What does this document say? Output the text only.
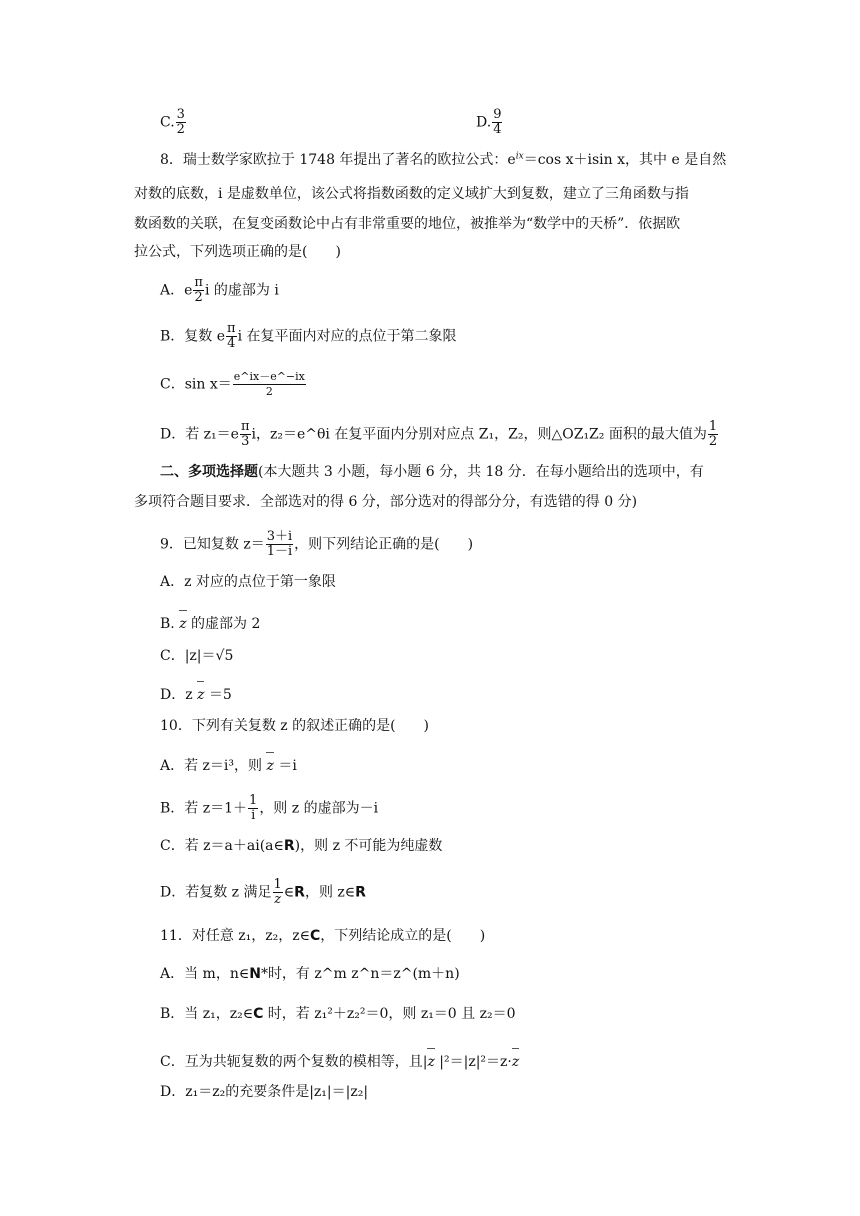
C. $\frac{3}{2}$	D. $\frac{9}{4}$
8．瑞士数学家欧拉于 1748 年提出了著名的欧拉公式：$e^{ix}=\cos$ x＋isin x，其中 e 是自然
对数的底数，i 是虚数单位，该公式将指数函数的定义域扩大到复数，建立了三角函数与指
数函数的关联，在复变函数论中占有非常重要的地位，被推举为“数学中的天桥”．依据欧
拉公式，下列选项正确的是(　　)
A．e $\frac{\pi}{2}$ i 的虚部为 i
B．复数 e $\frac{\pi}{4}$ i 在复平面内对应的点位于第二象限
C．$\sin x= \frac{e\^{}ix-e\^{}-ix}{2}$
D．若 $z_1=e \frac{\pi}{3}$ i，z₂＝e^θi 在复平面内分别对应点 Z₁，Z₂，则△OZ₁Z₂ 面积的最大值为 $\frac{1}{2}$
二、多项选择题(本大题共 3 小题，每小题 6 分，共 18 分．在每小题给出的选项中，有
多项符合题目要求．全部选对的得 6 分，部分选对的得部分分，有选错的得 0 分)
9．已知复数 $z= \frac{3+i}{1-i}$ ，则下列结论正确的是(　　)
A．z 对应的点位于第一象限
B. z 的虚部为 2
C．|z|＝√5
D．z z ＝5
10．下列有关复数 z 的叙述正确的是(　　)
A．若 z＝i³，则 z ＝i
B．若 $z=1+ \frac{1}{i}$ ，则 z 的虚部为－i
C．若 z＝a＋ai(a∈R)，则 z 不可能为纯虚数
D．若复数 z 满足 $\frac{1}{z}$ ∈R，则 z∈R
11．对任意 z₁，z₂，z∈C，下列结论成立的是(　　)
A．当 m，n∈N*时，有 z^m z^n＝z^(m＋n)
B．当 z₁，z₂∈C 时，若 z₁²＋z₂²＝0，则 z₁＝0 且 z₂＝0
C．互为共轭复数的两个复数的模相等，且|z |²＝|z|²＝z·z
D．z₁＝z₂的充要条件是|z₁|＝|z₂|
